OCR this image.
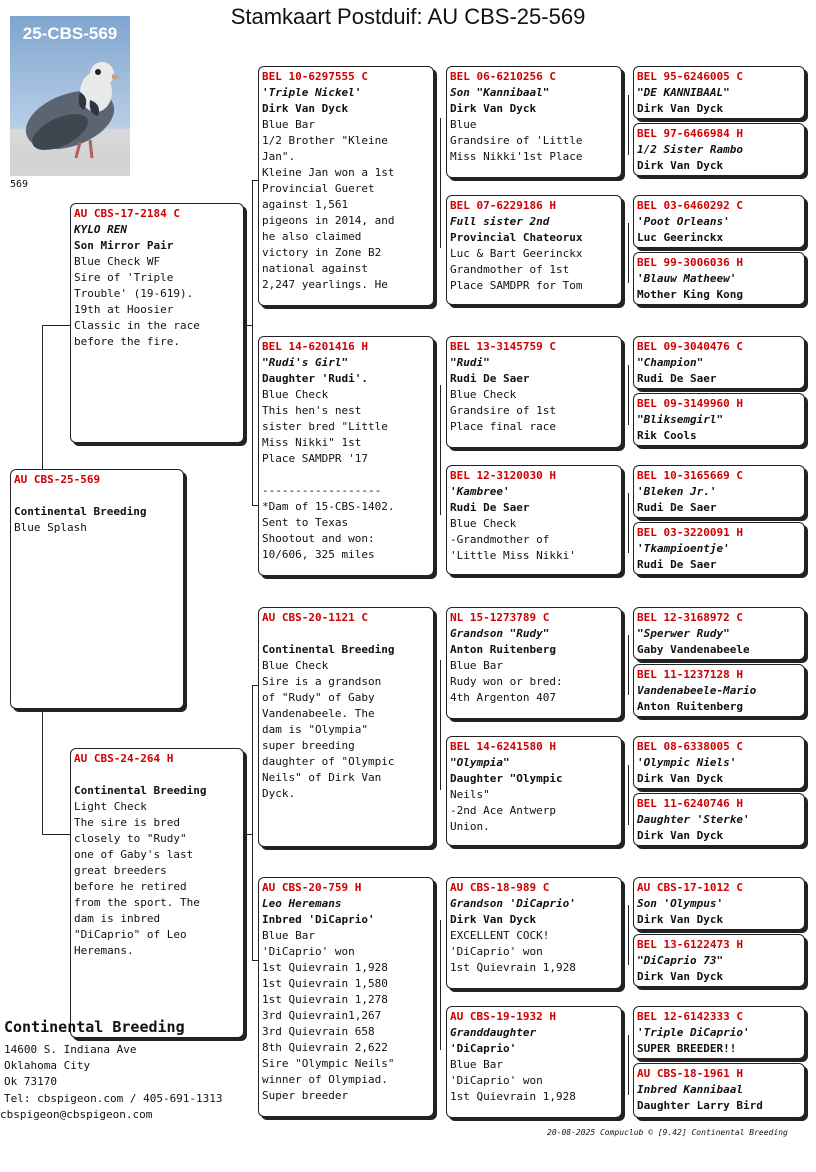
Stamkaart Postduif: AU CBS-25-569
25-CBS-569
569
AU CBS-25-569
Continental Breeding
Blue Splash
AU CBS-17-2184 C
KYLO REN
Son Mirror Pair
Blue Check WF
Sire of 'Triple
Trouble' (19-619).
19th at Hoosier
Classic in the race
before the fire.
AU CBS-24-264 H
Continental Breeding
Light Check
The sire is bred
closely to "Rudy"
one of Gaby's last
great breeders
before he retired
from the sport. The
dam is inbred
"DiCaprio" of Leo
Heremans.
BEL 10-6297555 C
'Triple Nickel'
Dirk Van Dyck
Blue Bar
1/2 Brother "Kleine
Jan".
Kleine Jan won a 1st
Provincial Gueret
against 1,561
pigeons in 2014, and
he also claimed
victory in Zone B2
national against
2,247 yearlings. He
BEL 14-6201416 H
"Rudi's Girl"
Daughter 'Rudi'.
Blue Check
This hen's nest
sister bred "Little
Miss Nikki" 1st
Place SAMDPR '17
------------------
*Dam of 15-CBS-1402.
Sent to Texas
Shootout and won:
10/606, 325 miles
AU CBS-20-1121 C
Continental Breeding
Blue Check
Sire is a grandson
of "Rudy" of Gaby
Vandenabeele. The
dam is "Olympia"
super breeding
daughter of "Olympic
Neils" of Dirk Van
Dyck.
AU CBS-20-759 H
Leo Heremans
Inbred 'DiCaprio'
Blue Bar
'DiCaprio' won
1st Quievrain 1,928
1st Quievrain 1,580
1st Quievrain 1,278
3rd Quievrain1,267
3rd Quievrain 658
8th Quievrain 2,622
Sire "Olympic Neils"
winner of Olympiad.
Super breeder
BEL 06-6210256 C
Son "Kannibaal"
Dirk Van Dyck
Blue
Grandsire of 'Little
Miss Nikki'1st Place
BEL 07-6229186 H
Full sister 2nd
Provincial Chateorux
Luc & Bart Geerinckx
Grandmother of 1st
Place SAMDPR for Tom
BEL 13-3145759 C
"Rudi"
Rudi De Saer
Blue Check
Grandsire of 1st
Place final race
BEL 12-3120030 H
'Kambree'
Rudi De Saer
Blue Check
-Grandmother of
'Little Miss Nikki'
NL 15-1273789 C
Grandson "Rudy"
Anton Ruitenberg
Blue Bar
Rudy won or bred:
4th Argenton 407
BEL 14-6241580 H
"Olympia"
Daughter "Olympic
Neils"
-2nd Ace Antwerp
Union.
AU CBS-18-989 C
Grandson 'DiCaprio'
Dirk Van Dyck
EXCELLENT COCK!
'DiCaprio' won
1st Quievrain 1,928
AU CBS-19-1932 H
Granddaughter
'DiCaprio'
Blue Bar
'DiCaprio' won
1st Quievrain 1,928
BEL 95-6246005 C
"DE KANNIBAAL"
Dirk Van Dyck
BEL 97-6466984 H
1/2 Sister Rambo
Dirk Van Dyck
BEL 03-6460292 C
'Poot Orleans'
Luc Geerinckx
BEL 99-3006036 H
'Blauw Matheew'
Mother King Kong
BEL 09-3040476 C
"Champion"
Rudi De Saer
BEL 09-3149960 H
"Bliksemgirl"
Rik Cools
BEL 10-3165669 C
'Bleken Jr.'
Rudi De Saer
BEL 03-3220091 H
'Tkampioentje'
Rudi De Saer
BEL 12-3168972 C
"Sperwer Rudy"
Gaby Vandenabeele
BEL 11-1237128 H
Vandenabeele-Mario
Anton Ruitenberg
BEL 08-6338005 C
'Olympic Niels'
Dirk Van Dyck
BEL 11-6240746 H
Daughter 'Sterke'
Dirk Van Dyck
AU CBS-17-1012 C
Son 'Olympus'
Dirk Van Dyck
BEL 13-6122473 H
"DiCaprio 73"
Dirk Van Dyck
BEL 12-6142333 C
'Triple DiCaprio'
SUPER BREEDER!!
AU CBS-18-1961 H
Inbred Kannibaal
Daughter Larry Bird
Continental Breeding
14600 S. Indiana Ave
Oklahoma City
Ok 73170
Tel: cbspigeon.com / 405-691-1313
cbspigeon@cbspigeon.com
20-08-2025 Compuclub © [9.42] Continental Breeding
